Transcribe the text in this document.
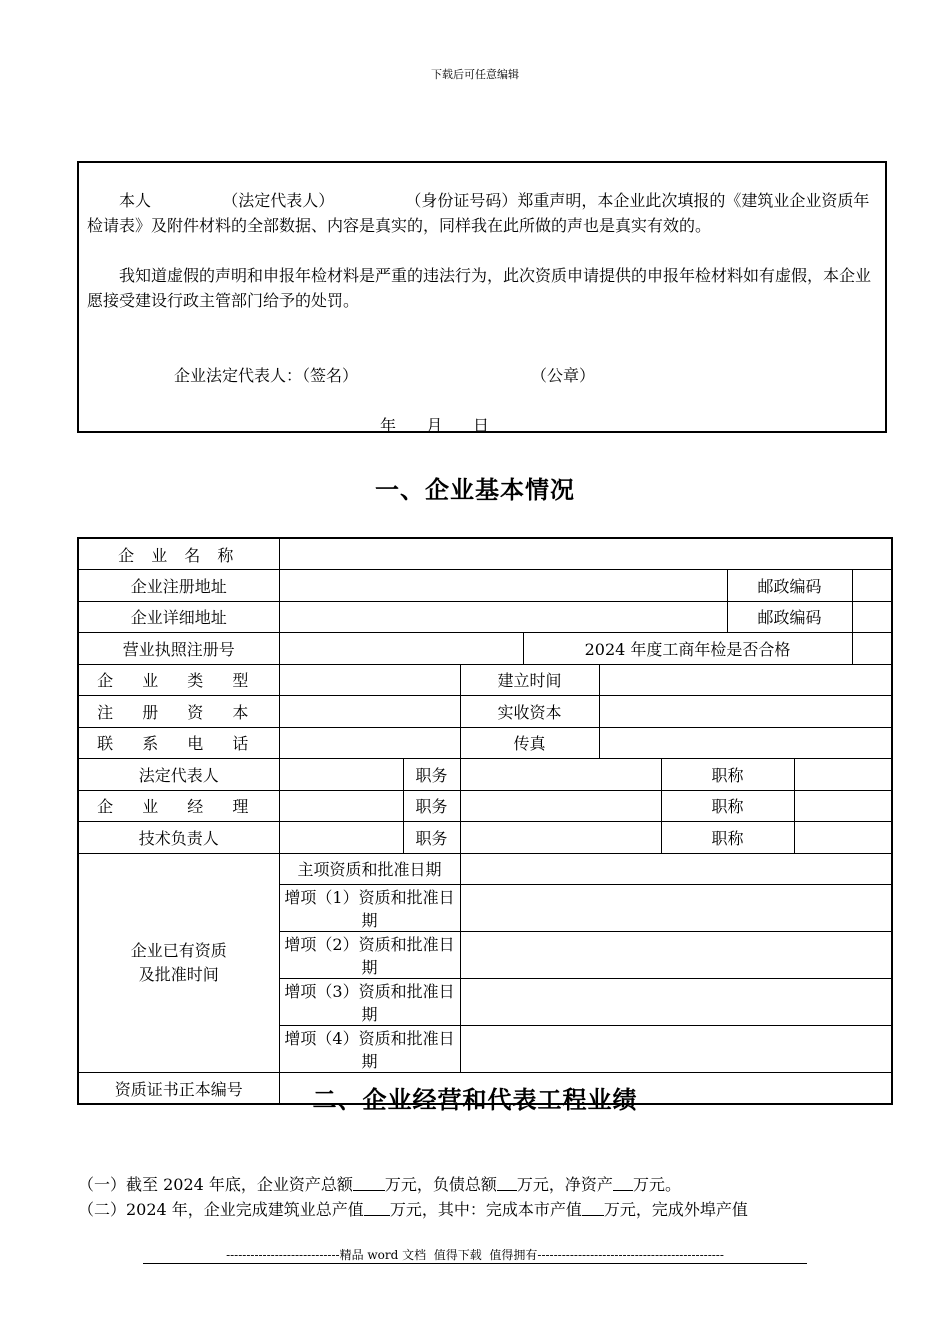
下载后可任意编辑
本人              （法定代表人）              （身份证号码）郑重声明，本企业此次填报的《建筑业企业资质年检请表》及附件材料的全部数据、内容是真实的，同样我在此所做的声也是真实有效的。
我知道虚假的声明和申报年检材料是严重的违法行为，此次资质申请提供的申报年检材料如有虚假，本企业愿接受建设行政主管部门给予的处罚。
企业法定代表人：（签名）	（公章）
年      月      日
一、企业基本情况
企 业 名 称									
企业注册地址							邮政编码		
企业详细地址							邮政编码		
营业执照注册号				2024 年度工商年检是否合格					
企 业 类 型			建立时间						
注 册 资 本			实收资本						
联 系 电 话			传真						
法定代表人		职务				职称			
企 业 经 理		职务				职称			
技术负责人		职务				职称			
企业已有资质
及批准时间	主项资质和批准日期								
	增项（1）资质和批准日期								
	增项（2）资质和批准日期								
	增项（3）资质和批准日期								
	增项（4）资质和批准日期								
资质证书正本编号										二、企业经营和代表工程业绩
（一）截至 2024 年底，企业资产总额 万元，负债总额 万元，净资产 万元。
（二）2024 年，企业完成建筑业总产值 万元，其中：完成本市产值 万元，完成外埠产值
----------------------------精品 word 文档  值得下载  值得拥有----------------------------------------------
